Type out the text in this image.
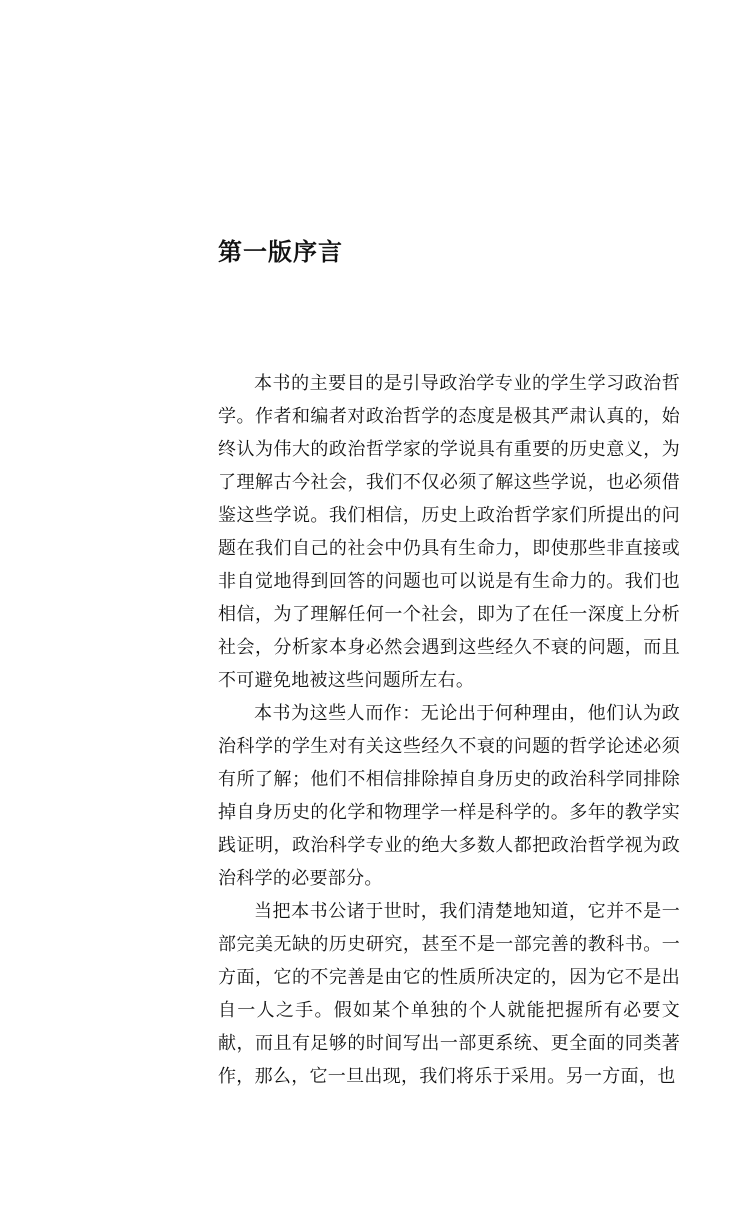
第一版序言

本书的主要目的是引导政治学专业的学生学习政治哲学。作者和编者对政治哲学的态度是极其严肃认真的，始终认为伟大的政治哲学家的学说具有重要的历史意义，为了理解古今社会，我们不仅必须了解这些学说，也必须借鉴这些学说。我们相信，历史上政治哲学家们所提出的问题在我们自己的社会中仍具有生命力，即使那些非直接或非自觉地得到回答的问题也可以说是有生命力的。我们也相信，为了理解任何一个社会，即为了在任一深度上分析社会，分析家本身必然会遇到这些经久不衰的问题，而且不可避免地被这些问题所左右。

本书为这些人而作：无论出于何种理由，他们认为政治科学的学生对有关这些经久不衰的问题的哲学论述必须有所了解；他们不相信排除掉自身历史的政治科学同排除掉自身历史的化学和物理学一样是科学的。多年的教学实践证明，政治科学专业的绝大多数人都把政治哲学视为政治科学的必要部分。

当把本书公诸于世时，我们清楚地知道，它并不是一部完美无缺的历史研究，甚至不是一部完善的教科书。一方面，它的不完善是由它的性质所决定的，因为它不是出自一人之手。假如某个单独的个人就能把握所有必要文献，而且有足够的时间写出一部更系统、更全面的同类著作，那么，它一旦出现，我们将乐于采用。另一方面，也
